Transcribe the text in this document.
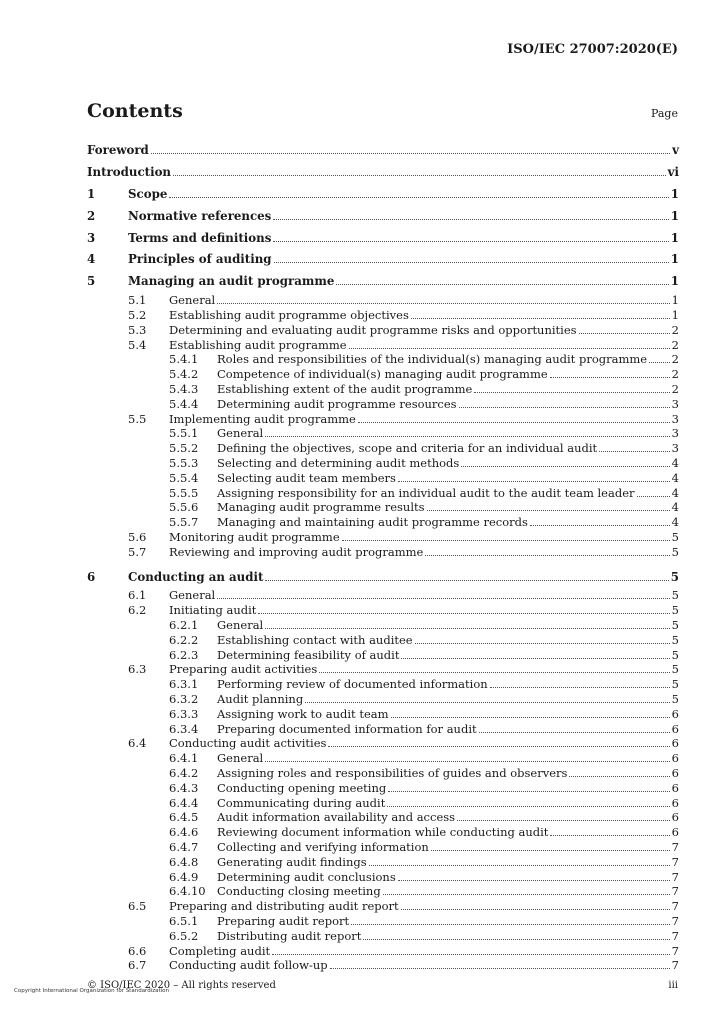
ISO/IEC 27007:2020(E)
Contents	Page
Foreword	v
Introduction	vi
1	Scope	1
2	Normative references	1
3	Terms and definitions	1
4	Principles of auditing	1
5	Managing an audit programme	1
5.1	General	1
5.2	Establishing audit programme objectives	1
5.3	Determining and evaluating audit programme risks and opportunities	2
5.4	Establishing audit programme	2
5.4.1	Roles and responsibilities of the individual(s) managing audit programme 2
5.4.2	Competence of individual(s) managing audit programme	2
5.4.3	Establishing extent of the audit programme	2
5.4.4	Determining audit programme resources	3
5.5	Implementing audit programme	3
5.5.1	General	3
5.5.2	Defining the objectives, scope and criteria for an individual audit	3
5.5.3	Selecting and determining audit methods	4
5.5.4	Selecting audit team members	4
5.5.5	Assigning responsibility for an individual audit to the audit team leader	4
5.5.6	Managing audit programme results	4
5.5.7	Managing and maintaining audit programme records	4
5.6	Monitoring audit programme	5
5.7	Reviewing and improving audit programme	5
6	Conducting an audit	5
6.1	General	5
6.2	Initiating audit	5
6.2.1	General	5
6.2.2	Establishing contact with auditee	5
6.2.3	Determining feasibility of audit	5
6.3	Preparing audit activities	5
6.3.1	Performing review of documented information	5
6.3.2	Audit planning	5
6.3.3	Assigning work to audit team	6
6.3.4	Preparing documented information for audit	6
6.4	Conducting audit activities	6
6.4.1	General	6
6.4.2	Assigning roles and responsibilities of guides and observers	6
6.4.3	Conducting opening meeting	6
6.4.4	Communicating during audit	6
6.4.5	Audit information availability and access	6
6.4.6	Reviewing document information while conducting audit	6
6.4.7	Collecting and verifying information	7
6.4.8	Generating audit findings	7
6.4.9	Determining audit conclusions	7
6.4.10 Conducting closing meeting	7
6.5	Preparing and distributing audit report	7
6.5.1	Preparing audit report	7
6.5.2	Distributing audit report	7
6.6	Completing audit	7
6.7	Conducting audit follow-up	7
© ISO/IEC 2020 – All rights reserved	iii
Copyright International Organization for Standardization
